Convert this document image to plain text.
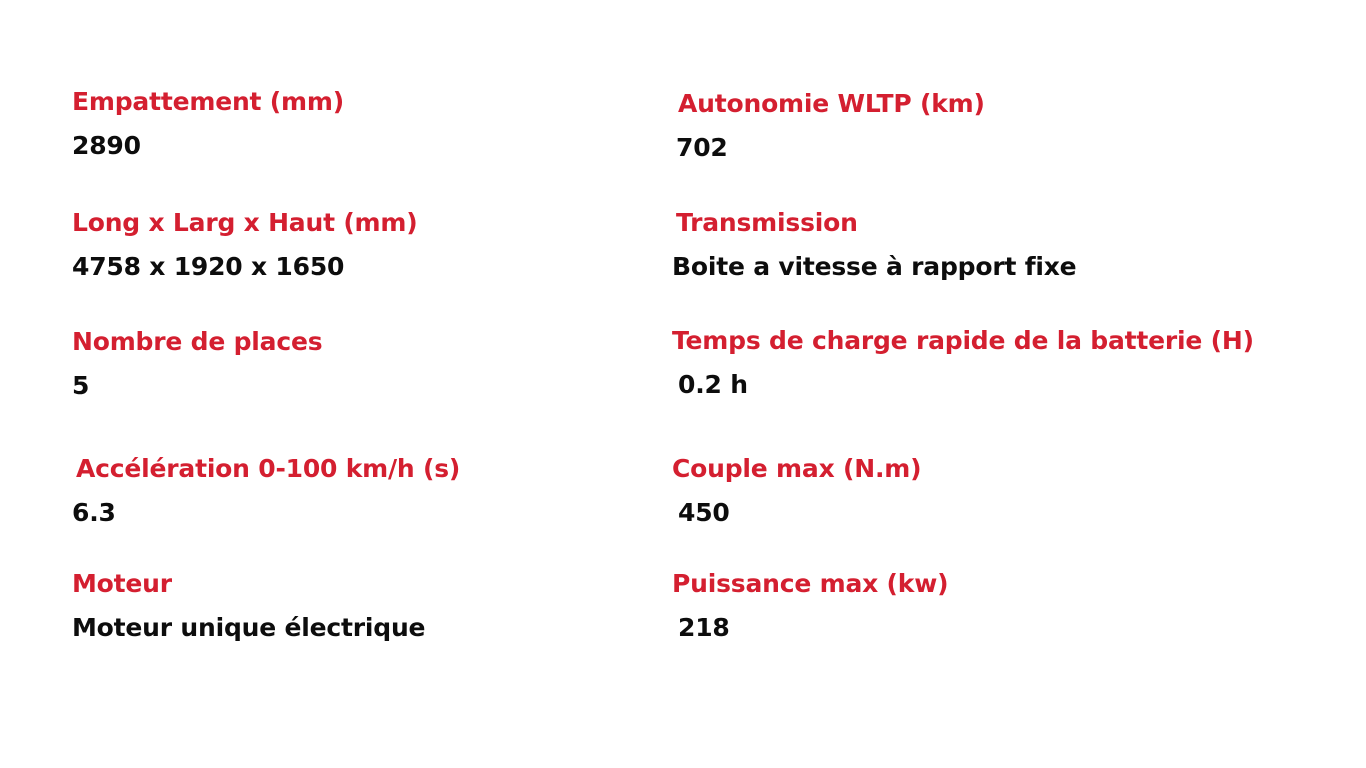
Empattement (mm)
2890
Long x Larg x Haut (mm)
4758 x 1920 x 1650
Nombre de places
5
Accélération 0-100 km/h (s)
6.3
Moteur
Moteur unique électrique
Autonomie WLTP (km)
702
Transmission
Boite a vitesse à rapport fixe
Temps de charge rapide de la batterie (H)
0.2 h
Couple max (N.m)
450
Puissance max (kw)
218
